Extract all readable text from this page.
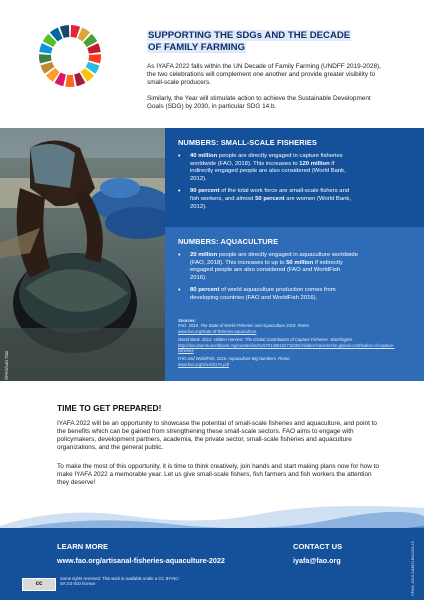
SUPPORTING THE SDGs AND THE DECADE
OF FAMILY FARMING
As IYAFA 2022 falls within the UN Decade of Family Farming (UNDFF 2019-2028), the two celebrations will complement one another and provide greater visibility to small-scale producers.
Similarly, the Year will stimulate action to achieve the Sustainable Development Goals (SDG) by 2030, in particular SDG 14.b.
©FAO/Luis Tato
NUMBERS: SMALL-SCALE FISHERIES
• 40 million people are directly engaged in capture fisheries worldwide (FAO, 2018). This increases to 120 million if indirectly engaged people are also considered (World Bank, 2012).
• 90 percent of the total work force are small-scale fishers and fish workers, and almost 50 percent are women (World Bank, 2012).
NUMBERS: AQUACULTURE
• 20 million people are directly engaged in aquaculture worldwide (FAO, 2018). This increases to up to 50 million if indirectly engaged people are also considered (FAO and WorldFish 2016).
• 80 percent of world aquaculture production comes from developing countries (FAO and WorldFish 2016).
Sources:
FAO. 2018. The State of World Fisheries and Aquaculture 2018. Rome.
www.fao.org/state-of-fisheries-aquaculture
World Bank. 2012. Hidden Harvest: The Global Contribution of Capture Fisheries. Washington.
http://documents.worldbank.org/curated/en/515701468152718292/Hidden-harvest-the-global-contribution-of-capture-fisheries
FAO and WorldFish. 2016. Aquaculture Big Numbers. Rome.
www.fao.org/3/a-i6317e.pdf
TIME TO GET PREPARED!
IYAFA 2022 will be an opportunity to showcase the potential of small-scale fisheries and aquaculture, and point to the benefits which can be gained from strengthening these small-scale sectors. FAO aims to engage with policymakers, development partners, academia, the private sector, small-scale fisheries and aquaculture organizations, and the general public.
To make the most of this opportunity, it is time to think creatively, join hands and start making plans now for how to make IYAFA 2022 a memorable year. Let us give small-scale fishers, fish farmers and fish workers the attention they deserve!
LEARN MORE
www.fao.org/artisanal-fisheries-aquaculture-2022
CONTACT US
iyafa@fao.org
cc
Some rights reserved. This work is available under a CC BY-NC-SA 3.0 IGO licence	©FAO, 2019 CA3871EN/1/03.19
